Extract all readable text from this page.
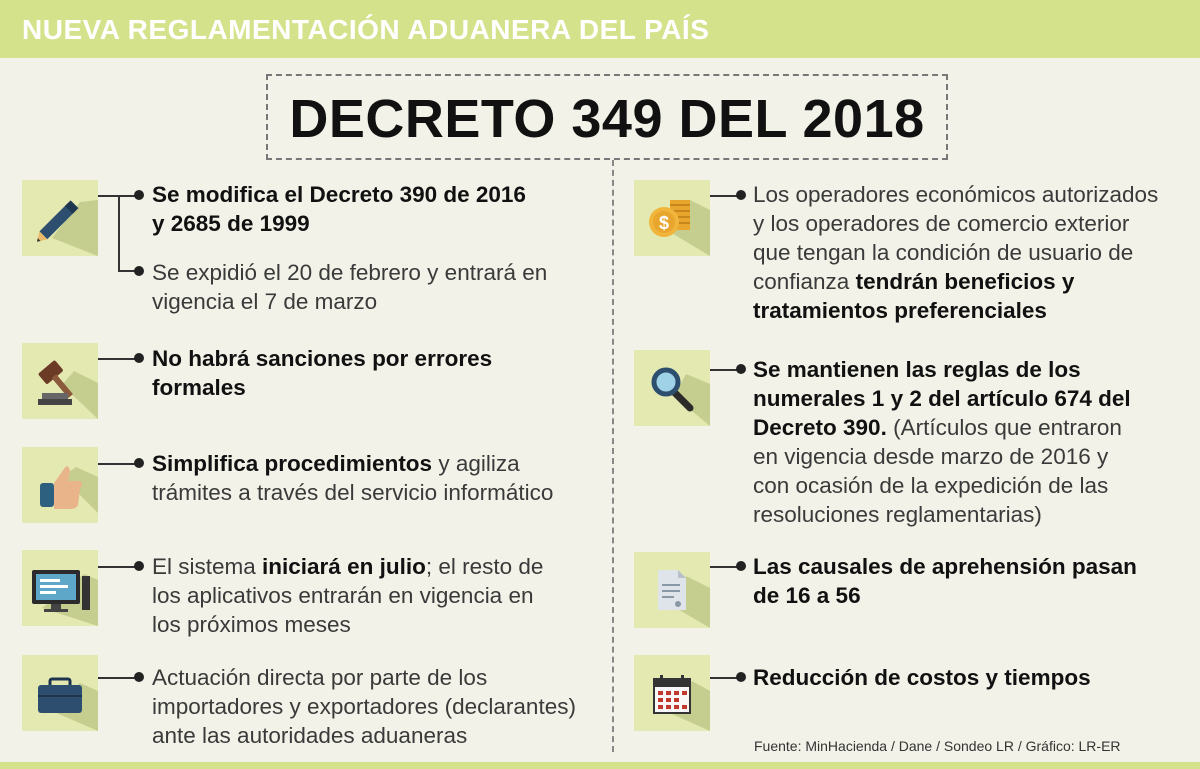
NUEVA REGLAMENTACIÓN ADUANERA DEL PAÍS
DECRETO 349 DEL 2018
$
Se modifica el Decreto 390 de 2016
y 2685 de 1999
Se expidió el 20 de febrero y entrará en
vigencia el 7 de marzo
No habrá sanciones por errores
formales
Simplifica procedimientos y agiliza
trámites a través del servicio informático
El sistema iniciará en julio; el resto de
los aplicativos entrarán en vigencia en
los próximos meses
Actuación directa por parte de los
importadores y exportadores (declarantes)
ante las autoridades aduaneras
Los operadores económicos autorizados
y los operadores de comercio exterior
que tengan la condición de usuario de
confianza tendrán beneficios y
tratamientos preferenciales
Se mantienen las reglas de los
numerales 1 y 2 del artículo 674 del
Decreto 390. (Artículos que entraron
en vigencia desde marzo de 2016 y
con ocasión de la expedición de las
resoluciones reglamentarias)
Las causales de aprehensión pasan
de 16 a 56
Reducción de costos y tiempos
Fuente: MinHacienda / Dane / Sondeo LR / Gráfico: LR-ER
